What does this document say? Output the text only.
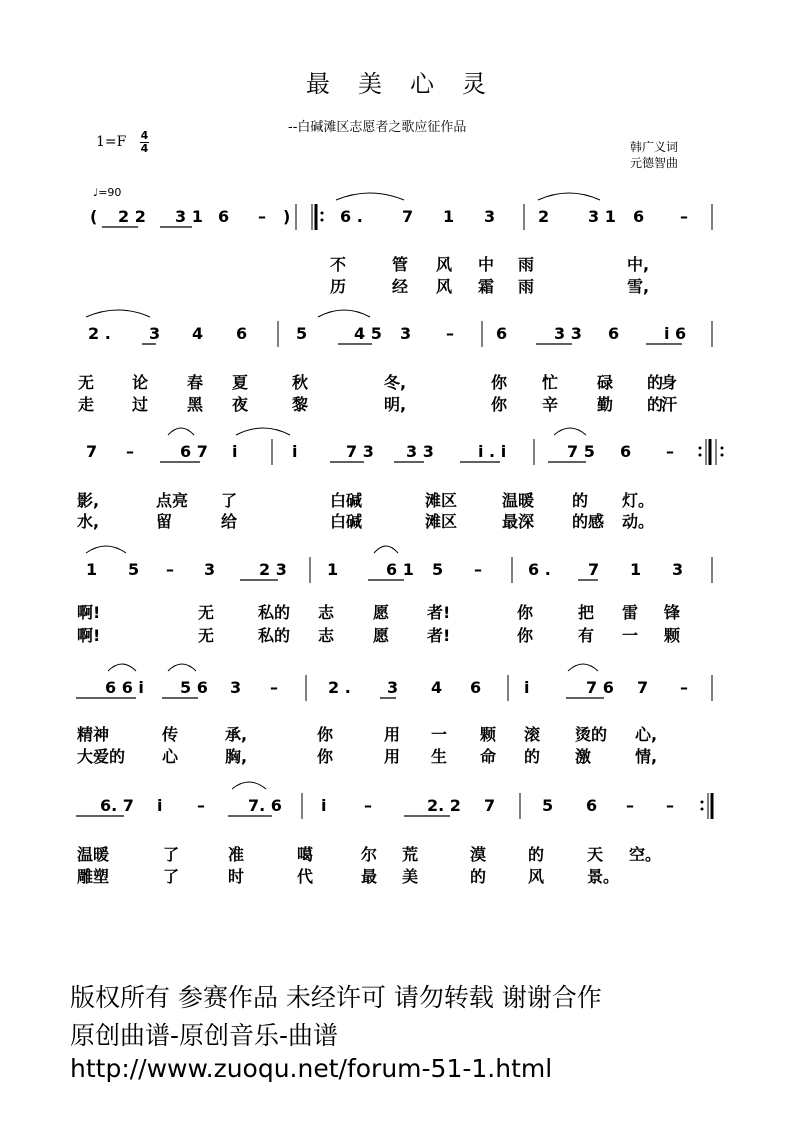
最美心灵
--白碱滩区志愿者之歌应征作品
1=F 4
4	韩广义词
元德智曲
♩=90
( 2 2 3 1 6 – )	6 . 7 1 3	2 3 1 6 –
不	管 风 中 雨	中,
历	经 风 霜 雨	雪,
2 . 3 4 6	5	4 5 3 –	6	3 3 6	i 6
无 论 春 夏	秋	冬,	你 忙 碌 的
身
走 过 黑 夜	黎	明,	你 辛 勤 的
汗
7 –	6 7 i	i	7 3 3 3	i . i	7 5 6 –
影,	点亮 了	白碱	滩区	温暖 的 灯。
水,	留	给	白碱	滩区	最深 的感 动。
1 5 – 3	2 3	1	6 1 5 –	6 . 7 1 3
啊!	无	私的 志 愿 者!	你	把 雷 锋
啊!	无	私的 志 愿 者!	你	有 一 颗
6 6 i 5 6 3 –	2 . 3 4 6	i	7 6 7 –
精神	传	承,	你	用 一 颗 滚 烫的 心,
大爱的 心	胸,	你	用 生 命 的 激	情,
6. 7 i –	7. 6 i –	2. 2 7	5 6 – –
温暖	了	准	噶	尔 荒	漠	的	天 空。
雕塑	了	时	代	最 美	的	风	景。
版权所有 参赛作品 未经许可 请勿转载 谢谢合作
原创曲谱-原创音乐-曲谱
http://www.zuoqu.net/forum-51-1.html
